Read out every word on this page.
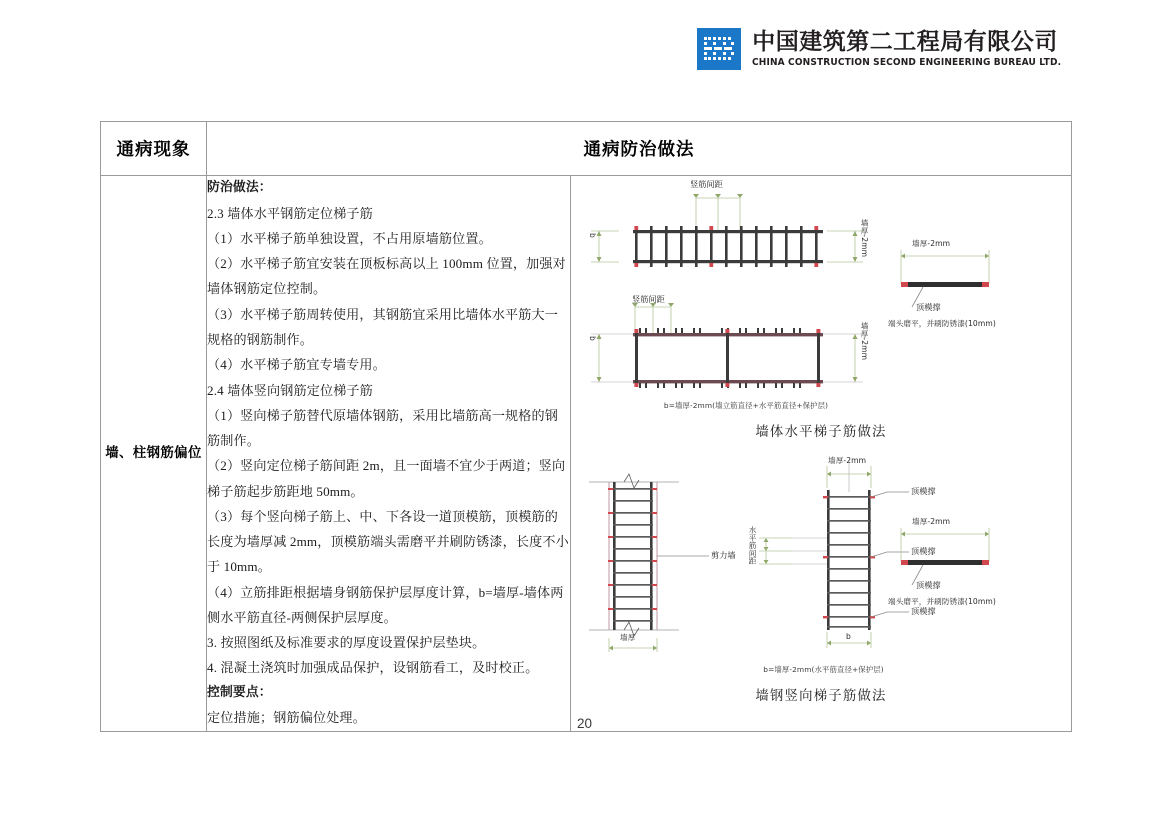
中国建筑第二工程局有限公司
CHINA CONSTRUCTION SECOND ENGINEERING BUREAU LTD.
通病现象	通病防治做法	
墙、柱钢筋偏位	
防治做法：
2.3 墙体水平钢筋定位梯子筋
（1）水平梯子筋单独设置，不占用原墙筋位置。
（2）水平梯子筋宜安装在顶板标高以上 100mm 位置，加强对墙体钢筋定位控制。
（3）水平梯子筋周转使用，其钢筋宜采用比墙体水平筋大一规格的钢筋制作。
（4）水平梯子筋宜专墙专用。
2.4 墙体竖向钢筋定位梯子筋
（1）竖向梯子筋替代原墙体钢筋，采用比墙筋高一规格的钢筋制作。
（2）竖向定位梯子筋间距 2m，且一面墙不宜少于两道；竖向梯子筋起步筋距地 50mm。
（3）每个竖向梯子筋上、中、下各设一道顶模筋，顶模筋的长度为墙厚减 2mm，顶模筋端头需磨平并刷防锈漆，长度不小于 10mm。
（4）立筋排距根据墙身钢筋保护层厚度计算，b=墙厚-墙体两侧水平筋直径-两侧保护层厚度。
3. 按照图纸及标准要求的厚度设置保护层垫块。
4. 混凝土浇筑时加强成品保护，设钢筋看工，及时校正。
控制要点：
定位措施；钢筋偏位处理。

竖筋间距
竖筋间距
b
b
墙厚-2mm
墙厚-2mm
墙厚-2mm
顶模撑
端头磨平，并刷防锈漆(10mm)
b=墙厚-2mm(墙立筋直径+水平筋直径+保护层)
墙体水平梯子筋做法
剪力墙
墙厚
水平筋间距
墙厚-2mm
b
顶模撑
顶模撑
顶模撑
墙厚-2mm
顶模撑
端头磨平，并刷防锈漆(10mm)
b=墙厚-2mm(水平筋直径+保护层)
墙钢竖向梯子筋做法
20
